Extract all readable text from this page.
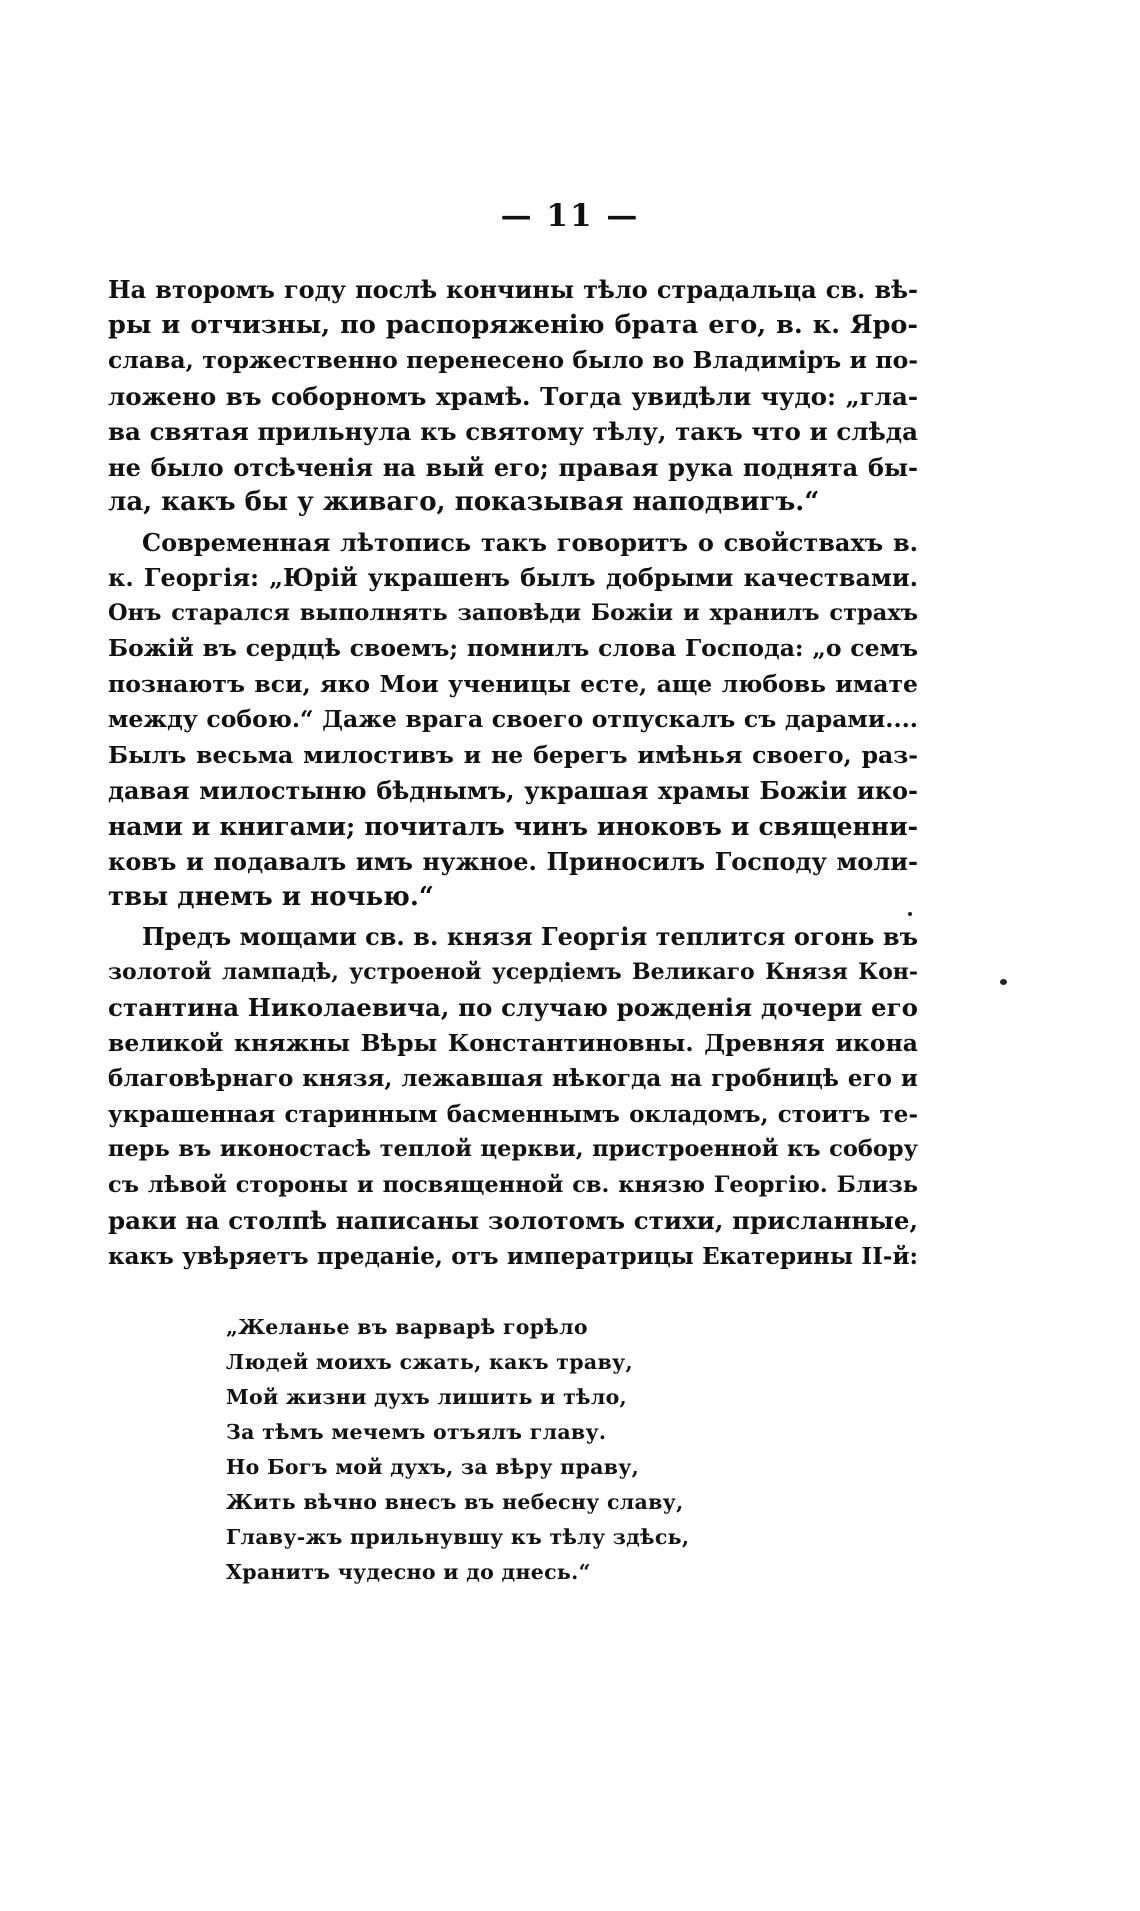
— 11 —
На второмъ году послѣ кончины тѣло страдальца св. вѣ-
ры и отчизны, по распоряженію брата его, в. к. Яро-
слава, торжественно перенесено было во Владиміръ и по-
ложено въ соборномъ храмѣ. Тогда увидѣли чудо: „гла-
ва святая прильнула къ святому тѣлу, такъ что и слѣда
не было отсѣченія на вый его; правая рука поднята бы-
ла, какъ бы у живаго, показывая наподвигъ.“
Современная лѣтопись такъ говоритъ о свойствахъ в.
к. Георгія: „Юрій украшенъ былъ добрыми качествами.
Онъ старался выполнять заповѣди Божіи и хранилъ страхъ
Божій въ сердцѣ своемъ; помнилъ слова Господа: „о семъ
познаютъ вси, яко Мои ученицы есте, аще любовь имате
между собою.“ Даже врага своего отпускалъ съ дарами....
Былъ весьма милостивъ и не берегъ имѣнья своего, раз-
давая милостыню бѣднымъ, украшая храмы Божіи ико-
нами и книгами; почиталъ чинъ иноковъ и священни-
ковъ и подавалъ имъ нужное. Приносилъ Господу моли-
твы днемъ и ночью.“
Предъ мощами св. в. князя Георгія теплится огонь въ
золотой лампадѣ, устроеной усердіемъ Великаго Князя Кон-
стантина Николаевича, по случаю рожденія дочери его
великой княжны Вѣры Константиновны. Древняя икона
благовѣрнаго князя, лежавшая нѣкогда на гробницѣ его и
украшенная старинным басменнымъ окладомъ, стоитъ те-
перь въ иконостасѣ теплой церкви, пристроенной къ собору
съ лѣвой стороны и посвященной св. князю Георгію. Близь
раки на столпѣ написаны золотомъ стихи, присланные,
какъ увѣряетъ преданіе, отъ императрицы Екатерины II-й:
„Желанье въ варварѣ горѣло
Людей моихъ сжать, какъ траву,
Мой жизни духъ лишить и тѣло,
За тѣмъ мечемъ отъялъ главу.
Но Богъ мой духъ, за вѣру праву,
Жить вѣчно внесъ въ небесну славу,
Главу-жъ прильнувшу къ тѣлу здѣсь,
Хранитъ чудесно и до днесь.“
